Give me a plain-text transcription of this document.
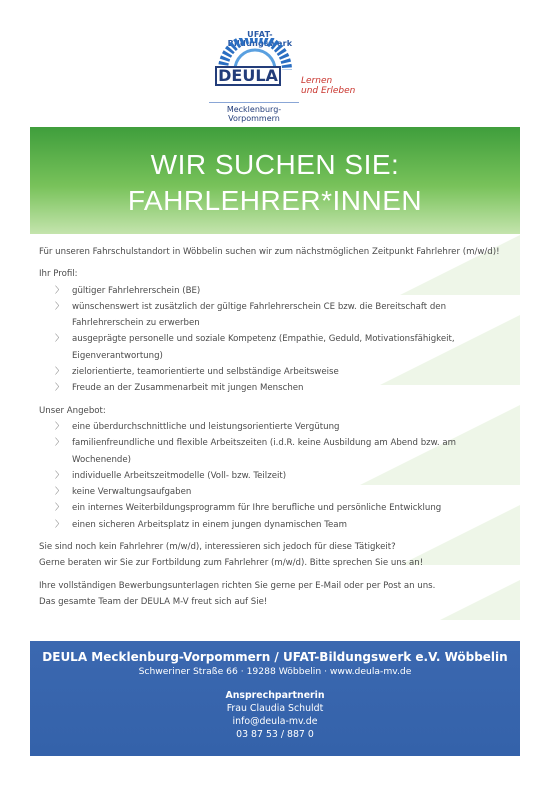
UFAT-Bildungswerk
DEULA	Lernen
und Erleben
Mecklenburg-Vorpommern
WIR SUCHEN SIE:
FAHRLEHRER*INNEN

Für unseren Fahrschulstandort in Wöbbelin suchen wir zum nächstmöglichen Zeitpunkt Fahrlehrer (m/w/d)!

Ihr Profil:

〉 gültiger Fahrlehrerschein (BE)
〉 wünschenswert ist zusätzlich der gültige Fahrlehrerschein CE bzw. die Bereitschaft den Fahrlehrerschein zu erwerben
〉 ausgeprägte personelle und soziale Kompetenz (Empathie, Geduld, Motivationsfähigkeit, Eigenverantwortung)
〉 zielorientierte, teamorientierte und selbständige Arbeitsweise
〉 Freude an der Zusammenarbeit mit jungen Menschen

Unser Angebot:

〉 eine überdurchschnittliche und leistungsorientierte Vergütung
〉 familienfreundliche und flexible Arbeitszeiten (i.d.R. keine Ausbildung am Abend bzw. am Wochenende)
〉 individuelle Arbeitszeitmodelle (Voll- bzw. Teilzeit)
〉 keine Verwaltungsaufgaben
〉 ein internes Weiterbildungsprogramm für Ihre berufliche und persönliche Entwicklung
〉 einen sicheren Arbeitsplatz in einem jungen dynamischen Team

Sie sind noch kein Fahrlehrer (m/w/d), interessieren sich jedoch für diese Tätigkeit?

Gerne beraten wir Sie zur Fortbildung zum Fahrlehrer (m/w/d). Bitte sprechen Sie uns an!

Ihre vollständigen Bewerbungsunterlagen richten Sie gerne per E-Mail oder per Post an uns.

Das gesamte Team der DEULA M-V freut sich auf Sie!

DEULA Mecklenburg-Vorpommern / UFAT-Bildungswerk e.V. Wöbbelin
Schweriner Straße 66 · 19288 Wöbbelin · www.deula-mv.de
Ansprechpartnerin
Frau Claudia Schuldt
info@deula-mv.de
03 87 53 / 887 0
